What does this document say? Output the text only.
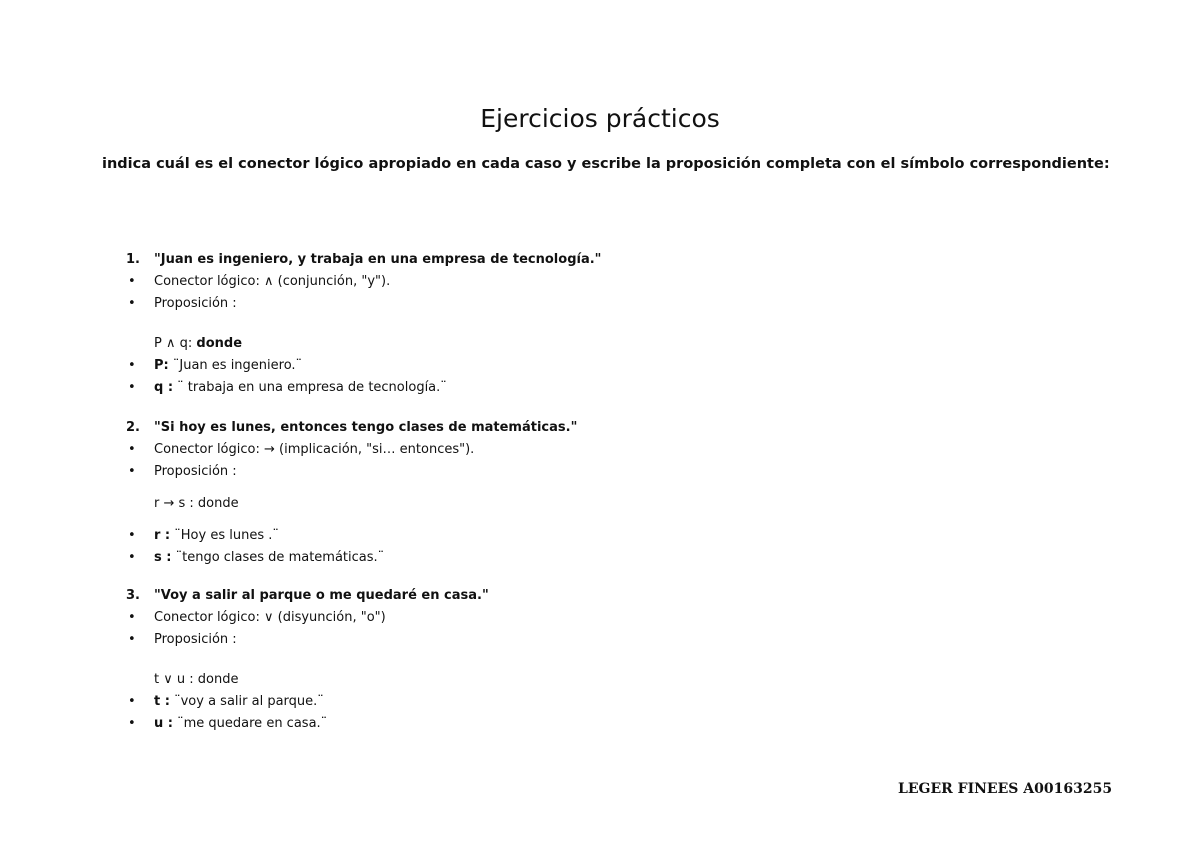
Ejercicios prácticos
indica cuál es el conector lógico apropiado en cada caso y escribe la proposición completa con el símbolo correspondiente:
1. "Juan es ingeniero, y trabaja en una empresa de tecnología."
• Conector lógico: ∧ (conjunción, "y").
• Proposición :
P ∧ q: donde
• P: ¨Juan es ingeniero.¨
• q : ¨ trabaja en una empresa de tecnología.¨
2. "Si hoy es lunes, entonces tengo clases de matemáticas."
• Conector lógico: → (implicación, "si… entonces").
• Proposición :
r → s : donde
• r : ¨Hoy es lunes .¨
• s : ¨tengo clases de matemáticas.¨
3. "Voy a salir al parque o me quedaré en casa."
• Conector lógico: ∨ (disyunción, "o")
• Proposición :
t ∨ u : donde
• t : ¨voy a salir al parque.¨
• u : ¨me quedare en casa.¨
LEGER FINEES A00163255
